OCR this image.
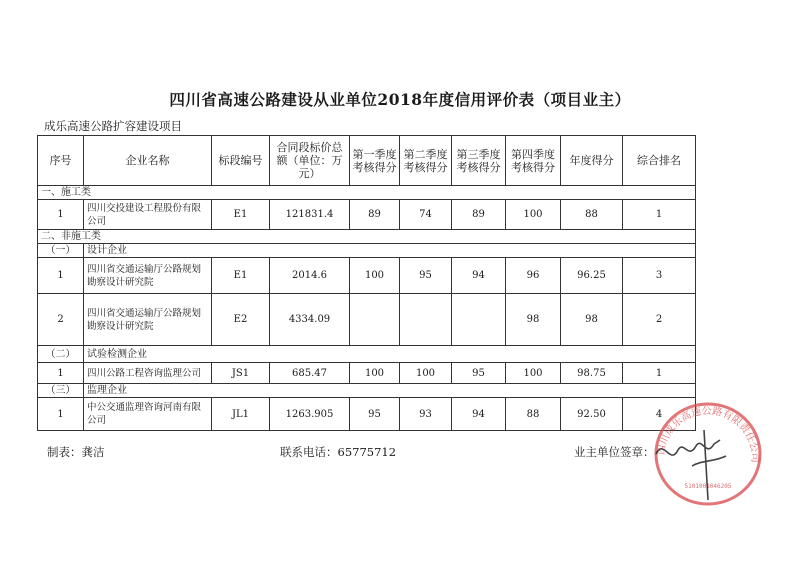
四川省高速公路建设从业单位2018年度信用评价表（项目业主）
成乐高速公路扩容建设项目
序号	企业名称	标段编号	合同段标价总额（单位：万元）	第一季度考核得分	第二季度考核得分	第三季度考核得分	第四季度考核得分	年度得分	综合排名
一、施工类									
1	四川交投建设工程股份有限公司	E1	121831.4	89	74	89	100	88	1
二、非施工类									
（一）	设计企业								
1	四川省交通运输厅公路规划勘察设计研究院	E1	2014.6	100	95	94	96	96.25	3
2	四川省交通运输厅公路规划勘察设计研究院	E2	4334.09				98	98	2
（二）	试验检测企业								
1	四川公路工程咨询监理公司	JS1	685.47	100	100	95	100	98.75	1
（三）	监理企业								
1	中公交通监理咨询河南有限公司	JL1	1263.905	95	93	94	88	92.50	4
制表：龚洁	联系电话：65775712	业主单位签章： 四川成乐高速公路有限责任公司
5101001046205
